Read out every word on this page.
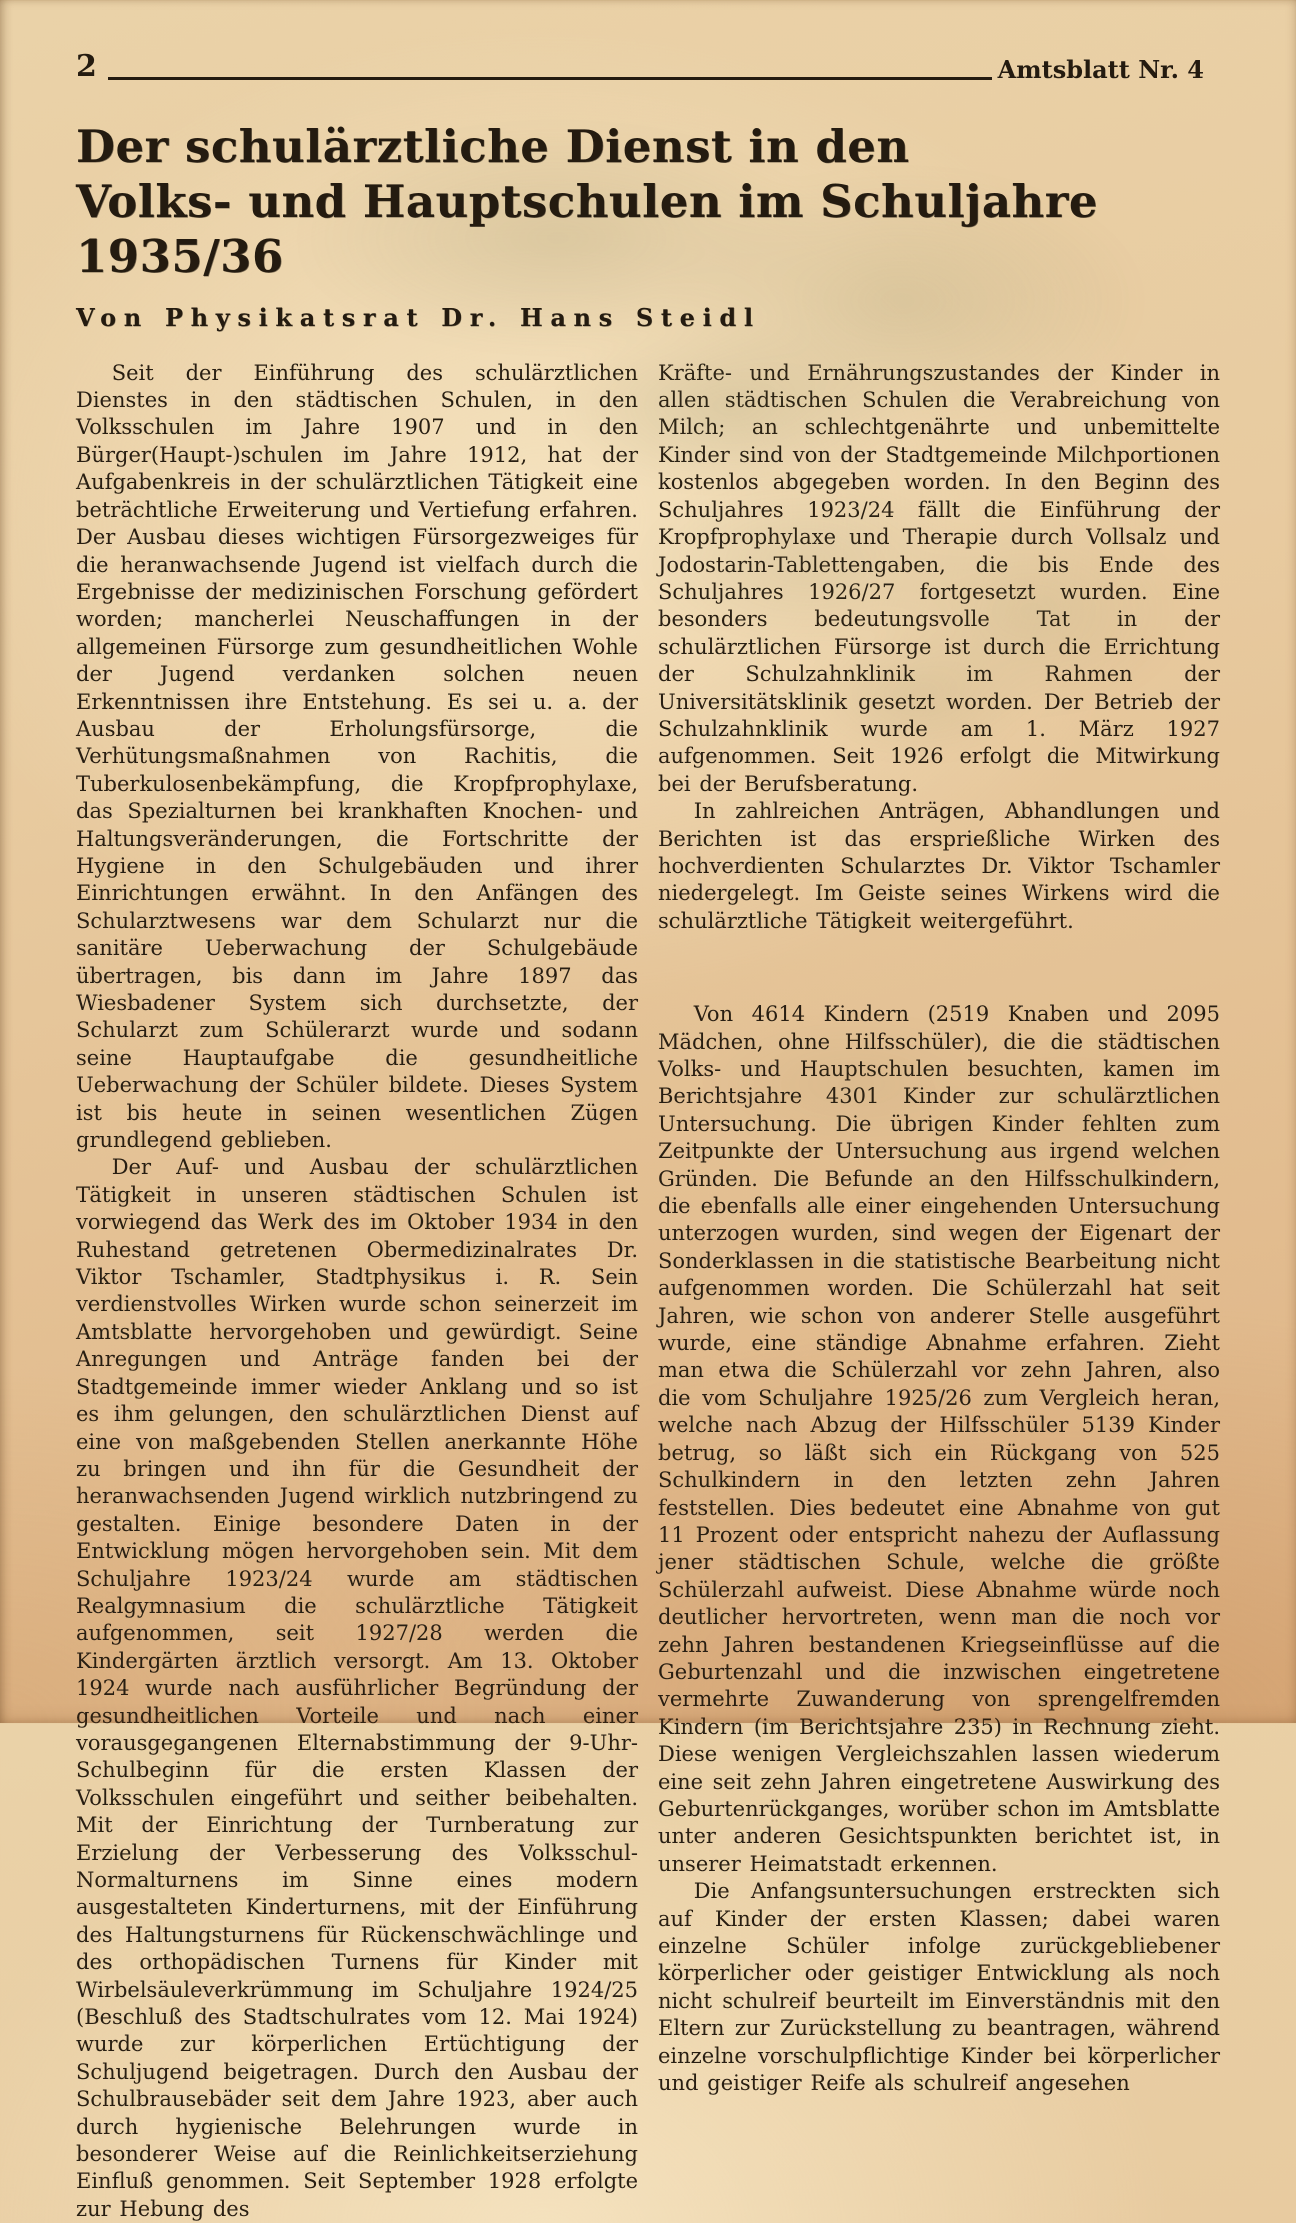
2	Amtsblatt Nr. 4
Der schulärztliche Dienst in den
Volks- und Hauptschulen im Schuljahre 1935/36
Von Physikatsrat Dr. Hans Steidl

Seit der Einführung des schulärztlichen Dienstes in den städtischen Schulen, in den Volksschulen im Jahre 1907 und in den Bürger(Haupt-)schulen im Jahre 1912, hat der Aufgabenkreis in der schulärztlichen Tätigkeit eine beträchtliche Erweiterung und Vertiefung erfahren. Der Ausbau dieses wichtigen Fürsorgezweiges für die heranwachsende Jugend ist vielfach durch die Ergebnisse der medizinischen Forschung gefördert worden; mancherlei Neuschaffungen in der allgemeinen Fürsorge zum gesundheitlichen Wohle der Jugend verdanken solchen neuen Erkenntnissen ihre Entstehung. Es sei u. a. der Ausbau der Erholungsfürsorge, die Verhütungsmaßnahmen von Rachitis, die Tuberkulosenbekämpfung, die Kropfprophylaxe, das Spezialturnen bei krankhaften Knochen- und Haltungsveränderungen, die Fortschritte der Hygiene in den Schulgebäuden und ihrer Einrichtungen erwähnt. In den Anfängen des Schularztwesens war dem Schularzt nur die sanitäre Ueberwachung der Schulgebäude übertragen, bis dann im Jahre 1897 das Wiesbadener System sich durchsetzte, der Schularzt zum Schülerarzt wurde und sodann seine Hauptaufgabe die gesundheitliche Ueberwachung der Schüler bildete. Dieses System ist bis heute in seinen wesentlichen Zügen grundlegend geblieben.

Der Auf- und Ausbau der schulärztlichen Tätigkeit in unseren städtischen Schulen ist vorwiegend das Werk des im Oktober 1934 in den Ruhestand getretenen Obermedizinalrates Dr. Viktor Tschamler, Stadtphysikus i. R. Sein verdienstvolles Wirken wurde schon seinerzeit im Amtsblatte hervorgehoben und gewürdigt. Seine Anregungen und Anträge fanden bei der Stadtgemeinde immer wieder Anklang und so ist es ihm gelungen, den schulärztlichen Dienst auf eine von maßgebenden Stellen anerkannte Höhe zu bringen und ihn für die Gesundheit der heranwachsenden Jugend wirklich nutzbringend zu gestalten. Einige besondere Daten in der Entwicklung mögen hervorgehoben sein. Mit dem Schuljahre 1923/24 wurde am städtischen Realgymnasium die schulärztliche Tätigkeit aufgenommen, seit 1927/28 werden die Kindergärten ärztlich versorgt. Am 13. Oktober 1924 wurde nach ausführlicher Begründung der gesundheitlichen Vorteile und nach einer vorausgegangenen Elternabstimmung der 9-Uhr-Schulbeginn für die ersten Klassen der Volksschulen eingeführt und seither beibehalten. Mit der Einrichtung der Turnberatung zur Erzielung der Verbesserung des Volksschul-Normalturnens im Sinne eines modern ausgestalteten Kinderturnens, mit der Einführung des Haltungsturnens für Rückenschwächlinge und des orthopädischen Turnens für Kinder mit Wirbelsäuleverkrümmung im Schuljahre 1924/25 (Beschluß des Stadtschulrates vom 12. Mai 1924) wurde zur körperlichen Ertüchtigung der Schuljugend beigetragen. Durch den Ausbau der Schulbrausebäder seit dem Jahre 1923, aber auch durch hygienische Belehrungen wurde in besonderer Weise auf die Reinlichkeitserziehung Einfluß genommen. Seit September 1928 erfolgte zur Hebung des

Kräfte- und Ernährungszustandes der Kinder in allen städtischen Schulen die Verabreichung von Milch; an schlechtgenährte und unbemittelte Kinder sind von der Stadtgemeinde Milchportionen kostenlos abgegeben worden. In den Beginn des Schuljahres 1923/24 fällt die Einführung der Kropfprophylaxe und Therapie durch Vollsalz und Jodostarin-Tablettengaben, die bis Ende des Schuljahres 1926/27 fortgesetzt wurden. Eine besonders bedeutungsvolle Tat in der schulärztlichen Fürsorge ist durch die Errichtung der Schulzahnklinik im Rahmen der Universitätsklinik gesetzt worden. Der Betrieb der Schulzahnklinik wurde am 1. März 1927 aufgenommen. Seit 1926 erfolgt die Mitwirkung bei der Berufsberatung.

In zahlreichen Anträgen, Abhandlungen und Berichten ist das ersprießliche Wirken des hochverdienten Schularztes Dr. Viktor Tschamler niedergelegt. Im Geiste seines Wirkens wird die schulärztliche Tätigkeit weitergeführt.

Von 4614 Kindern (2519 Knaben und 2095 Mädchen, ohne Hilfsschüler), die die städtischen Volks- und Hauptschulen besuchten, kamen im Berichtsjahre 4301 Kinder zur schulärztlichen Untersuchung. Die übrigen Kinder fehlten zum Zeitpunkte der Untersuchung aus irgend welchen Gründen. Die Befunde an den Hilfsschulkindern, die ebenfalls alle einer eingehenden Untersuchung unterzogen wurden, sind wegen der Eigenart der Sonderklassen in die statistische Bearbeitung nicht aufgenommen worden. Die Schülerzahl hat seit Jahren, wie schon von anderer Stelle ausgeführt wurde, eine ständige Abnahme erfahren. Zieht man etwa die Schülerzahl vor zehn Jahren, also die vom Schuljahre 1925/26 zum Vergleich heran, welche nach Abzug der Hilfsschüler 5139 Kinder betrug, so läßt sich ein Rückgang von 525 Schulkindern in den letzten zehn Jahren feststellen. Dies bedeutet eine Abnahme von gut 11 Prozent oder entspricht nahezu der Auflassung jener städtischen Schule, welche die größte Schülerzahl aufweist. Diese Abnahme würde noch deutlicher hervortreten, wenn man die noch vor zehn Jahren bestandenen Kriegseinflüsse auf die Geburtenzahl und die inzwischen eingetretene vermehrte Zuwanderung von sprengelfremden Kindern (im Berichtsjahre 235) in Rechnung zieht. Diese wenigen Vergleichszahlen lassen wiederum eine seit zehn Jahren eingetretene Auswirkung des Geburtenrückganges, worüber schon im Amtsblatte unter anderen Gesichtspunkten berichtet ist, in unserer Heimatstadt erkennen.

Die Anfangsuntersuchungen erstreckten sich auf Kinder der ersten Klassen; dabei waren einzelne Schüler infolge zurückgebliebener körperlicher oder geistiger Entwicklung als noch nicht schulreif beurteilt im Einverständnis mit den Eltern zur Zurückstellung zu beantragen, während einzelne vorschulpflichtige Kinder bei körperlicher und geistiger Reife als schulreif angesehen
